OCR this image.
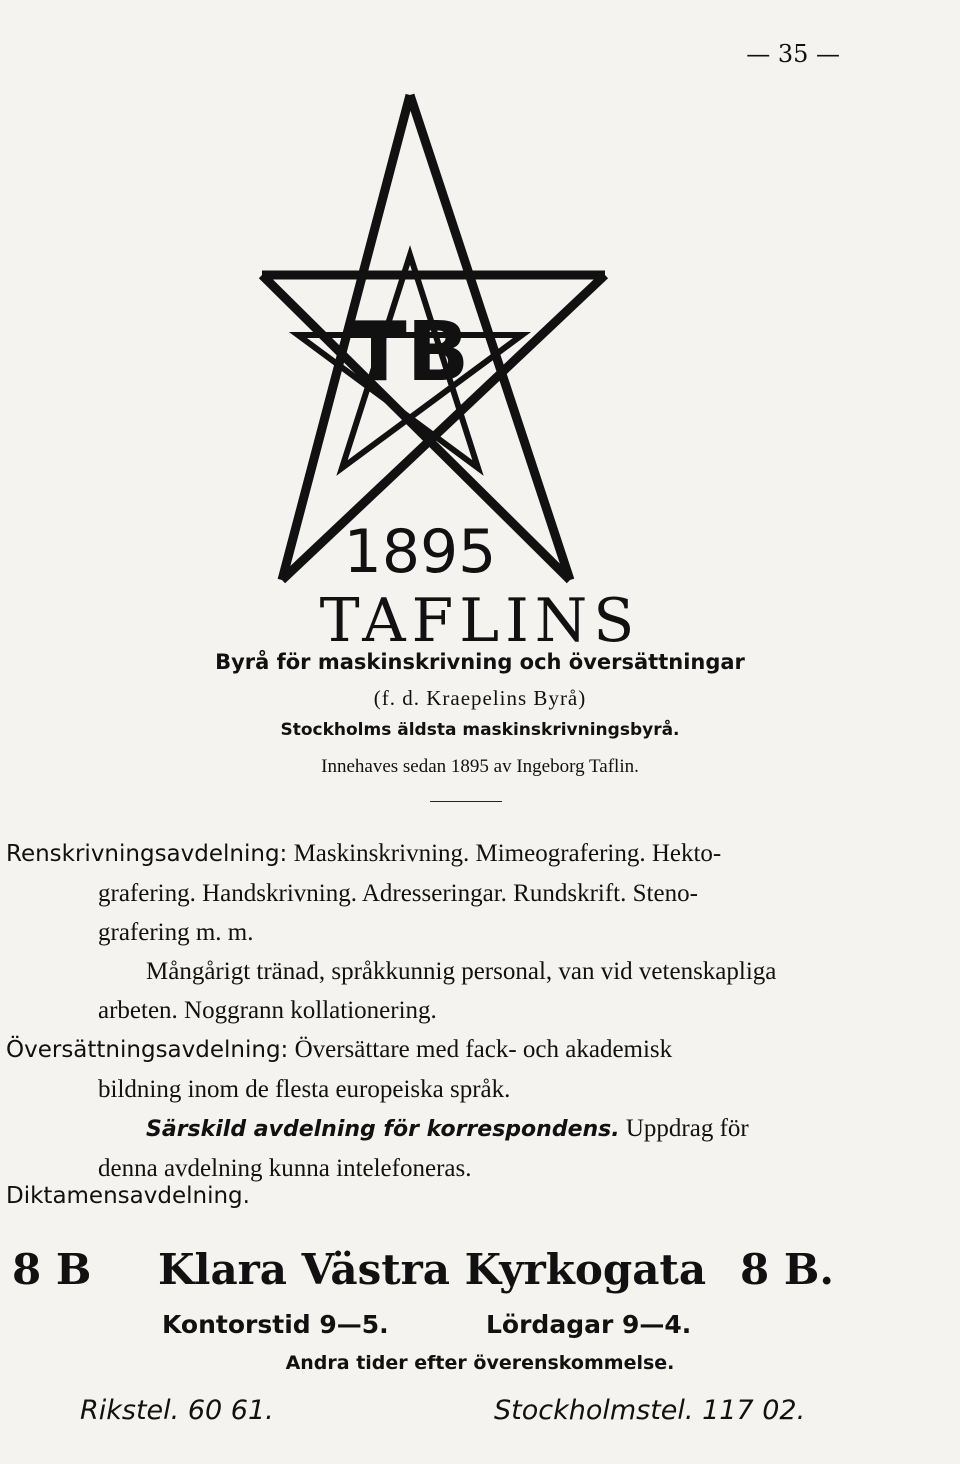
— 35 —
TB
1895
TAFLINS
Byrå för maskinskrivning och översättningar
(f. d. Kraepelins Byrå)
Stockholms äldsta maskinskrivningsbyrå.
Innehaves sedan 1895 av Ingeborg Taflin.
Renskrivningsavdelning: Maskinskrivning. Mimeografering. Hekto-
grafering. Handskrivning. Adresseringar. Rundskrift. Steno-
grafering m. m.
Mångårigt tränad, språkkunnig personal, van vid vetenskapliga
arbeten. Noggrann kollationering.
Översättningsavdelning: Översättare med fack- och akademisk
bildning inom de flesta europeiska språk.
Särskild avdelning för korrespondens. Uppdrag för
denna avdelning kunna intelefoneras.
Diktamensavdelning.
8 B Klara Västra Kyrkogata 8 B.
Kontorstid 9—5.	Lördagar 9—4.
Andra tider efter överenskommelse.
Rikstel. 60 61.	Stockholmstel. 117 02.
